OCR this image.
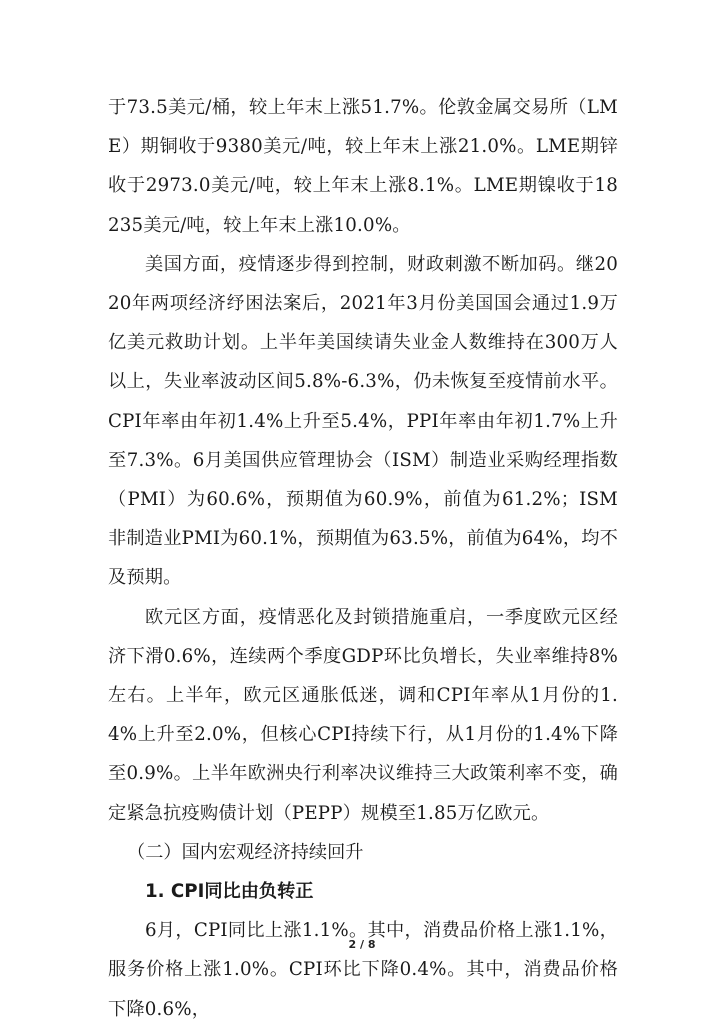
于73.5美元/桶，较上年末上涨51.7%。伦敦金属交易所（LME）期铜收于9380美元/吨，较上年末上涨21.0%。LME期锌收于2973.0美元/吨，较上年末上涨8.1%。LME期镍收于18235美元/吨，较上年末上涨10.0%。

美国方面，疫情逐步得到控制，财政刺激不断加码。继2020年两项经济纾困法案后，2021年3月份美国国会通过1.9万亿美元救助计划。上半年美国续请失业金人数维持在300万人以上，失业率波动区间5.8%-6.3%，仍未恢复至疫情前水平。CPI年率由年初1.4%上升至5.4%，PPI年率由年初1.7%上升至7.3%。6月美国供应管理协会（ISM）制造业采购经理指数（PMI）为60.6%，预期值为60.9%，前值为61.2%；ISM非制造业PMI为60.1%，预期值为63.5%，前值为64%，均不及预期。

欧元区方面，疫情恶化及封锁措施重启，一季度欧元区经济下滑0.6%，连续两个季度GDP环比负增长，失业率维持8%左右。上半年，欧元区通胀低迷，调和CPI年率从1月份的1.4%上升至2.0%，但核心CPI持续下行，从1月份的1.4%下降至0.9%。上半年欧洲央行利率决议维持三大政策利率不变，确定紧急抗疫购债计划（PEPP）规模至1.85万亿欧元。

（二）国内宏观经济持续回升

1. CPI同比由负转正

6月，CPI同比上涨1.1%。其中，消费品价格上涨1.1%，服务价格上涨1.0%。CPI环比下降0.4%。其中，消费品价格下降0.6%，

2 / 8
